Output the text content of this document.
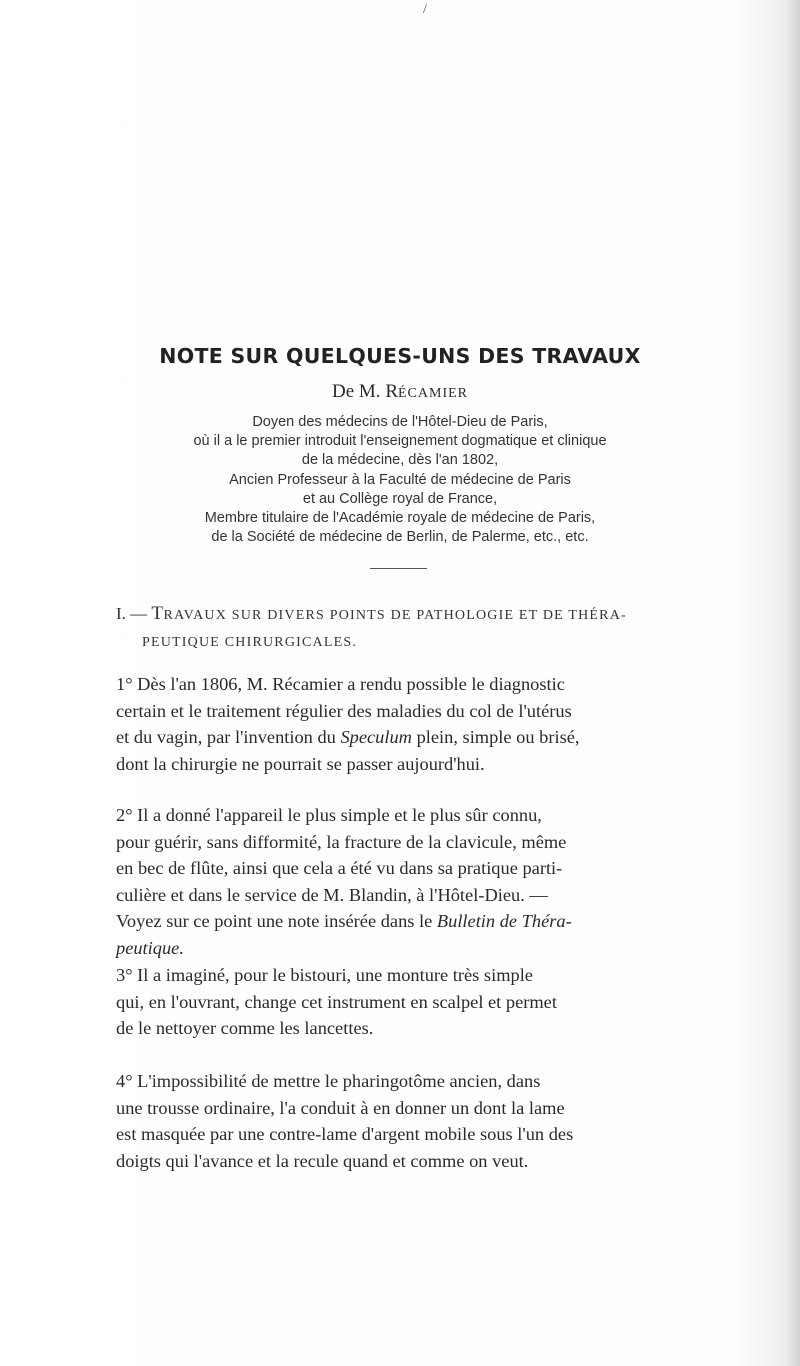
/
NOTE SUR QUELQUES-UNS DES TRAVAUX
De M. RÉCAMIER
Doyen des médecins de l'Hôtel-Dieu de Paris,
où il a le premier introduit l'enseignement dogmatique et clinique
de la médecine, dès l'an 1802,
Ancien Professeur à la Faculté de médecine de Paris
et au Collège royal de France,
Membre titulaire de l'Académie royale de médecine de Paris,
de la Société de médecine de Berlin, de Palerme, etc., etc.
I. — TRAVAUX SUR DIVERS POINTS DE PATHOLOGIE ET DE THÉRA-
PEUTIQUE CHIRURGICALES.

1° Dès l'an 1806, M. Récamier a rendu possible le diagnostic
certain et le traitement régulier des maladies du col de l'utérus
et du vagin, par l'invention du Speculum plein, simple ou brisé,
dont la chirurgie ne pourrait se passer aujourd'hui.

2° Il a donné l'appareil le plus simple et le plus sûr connu,
pour guérir, sans difformité, la fracture de la clavicule, même
en bec de flûte, ainsi que cela a été vu dans sa pratique parti-
culière et dans le service de M. Blandin, à l'Hôtel-Dieu. —
Voyez sur ce point une note insérée dans le Bulletin de Théra-
peutique.

3° Il a imaginé, pour le bistouri, une monture très simple
qui, en l'ouvrant, change cet instrument en scalpel et permet
de le nettoyer comme les lancettes.

4° L'impossibilité de mettre le pharingotôme ancien, dans
une trousse ordinaire, l'a conduit à en donner un dont la lame
est masquée par une contre-lame d'argent mobile sous l'un des
doigts qui l'avance et la recule quand et comme on veut.
